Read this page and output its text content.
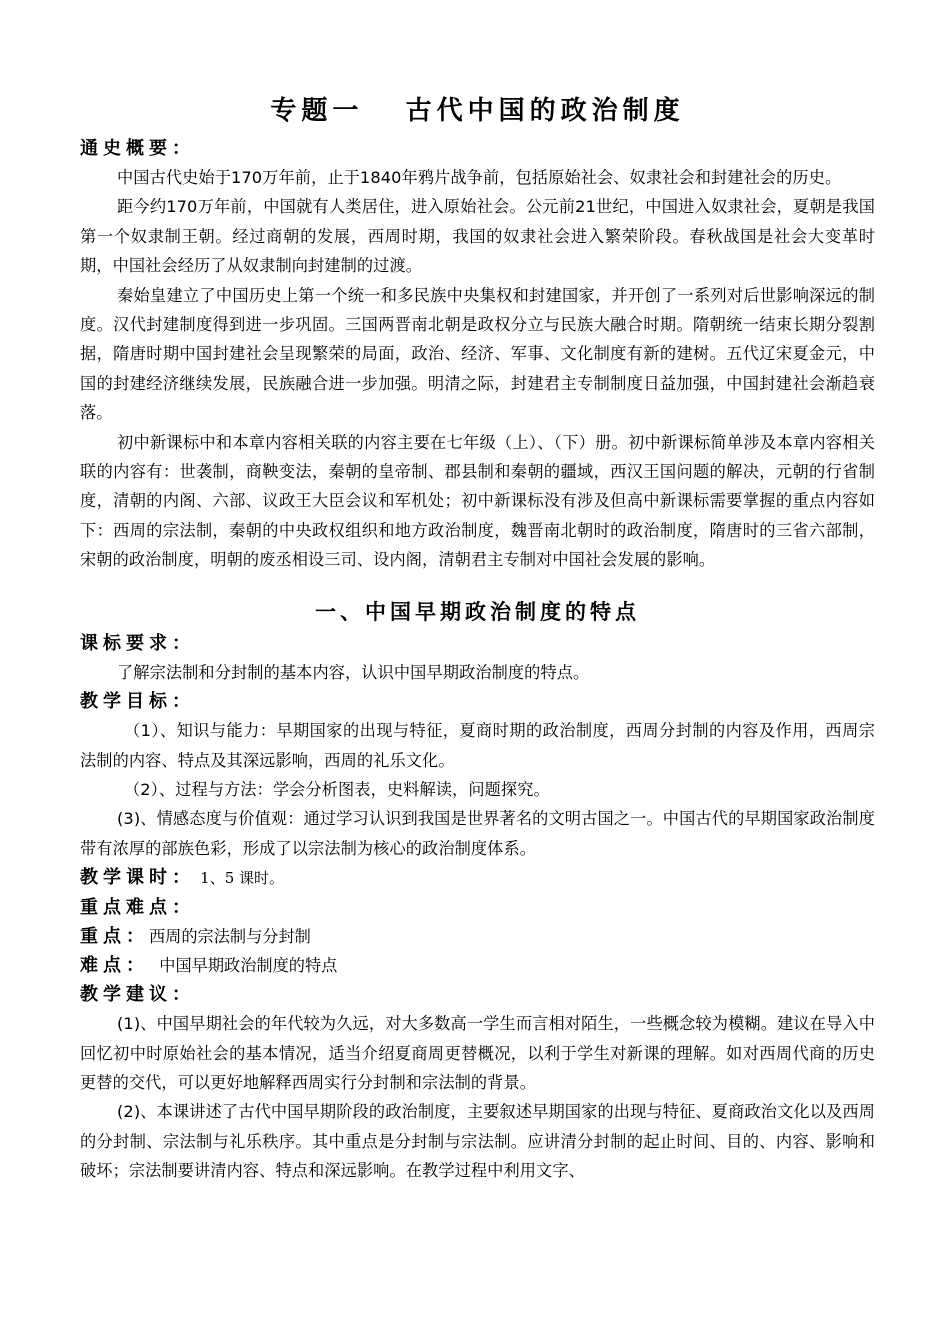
专题一   古代中国的政治制度
通史概要：

中国古代史始于170万年前，止于1840年鸦片战争前，包括原始社会、奴隶社会和封建社会的历史。

距今约170万年前，中国就有人类居住，进入原始社会。公元前21世纪，中国进入奴隶社会，夏朝是我国第一个奴隶制王朝。经过商朝的发展，西周时期，我国的奴隶社会进入繁荣阶段。春秋战国是社会大变革时期，中国社会经历了从奴隶制向封建制的过渡。

秦始皇建立了中国历史上第一个统一和多民族中央集权和封建国家，并开创了一系列对后世影响深远的制度。汉代封建制度得到进一步巩固。三国两晋南北朝是政权分立与民族大融合时期。隋朝统一结束长期分裂割据，隋唐时期中国封建社会呈现繁荣的局面，政治、经济、军事、文化制度有新的建树。五代辽宋夏金元，中国的封建经济继续发展，民族融合进一步加强。明清之际，封建君主专制制度日益加强，中国封建社会渐趋衰落。

初中新课标中和本章内容相关联的内容主要在七年级（上）、（下）册。初中新课标简单涉及本章内容相关联的内容有：世袭制，商鞅变法，秦朝的皇帝制、郡县制和秦朝的疆域，西汉王国问题的解决，元朝的行省制度，清朝的内阁、六部、议政王大臣会议和军机处；初中新课标没有涉及但高中新课标需要掌握的重点内容如下：西周的宗法制，秦朝的中央政权组织和地方政治制度，魏晋南北朝时的政治制度，隋唐时的三省六部制，宋朝的政治制度，明朝的废丞相设三司、设内阁，清朝君主专制对中国社会发展的影响。

一、中国早期政治制度的特点
课标要求：

了解宗法制和分封制的基本内容，认识中国早期政治制度的特点。

教学目标：

（1）、知识与能力：早期国家的出现与特征，夏商时期的政治制度，西周分封制的内容及作用，西周宗法制的内容、特点及其深远影响，西周的礼乐文化。

（2）、过程与方法：学会分析图表，史料解读，问题探究。

(3)、情感态度与价值观：通过学习认识到我国是世界著名的文明古国之一。中国古代的早期国家政治制度带有浓厚的部族色彩，形成了以宗法制为核心的政治制度体系。

教学课时： 1、5 课时。

重点难点：

重点：西周的宗法制与分封制

难点：  中国早期政治制度的特点

教学建议：

(1)、中国早期社会的年代较为久远，对大多数高一学生而言相对陌生，一些概念较为模糊。建议在导入中回忆初中时原始社会的基本情况，适当介绍夏商周更替概况，以利于学生对新课的理解。如对西周代商的历史更替的交代，可以更好地解释西周实行分封制和宗法制的背景。

(2)、本课讲述了古代中国早期阶段的政治制度，主要叙述早期国家的出现与特征、夏商政治文化以及西周的分封制、宗法制与礼乐秩序。其中重点是分封制与宗法制。应讲清分封制的起止时间、目的、内容、影响和破坏；宗法制要讲清内容、特点和深远影响。在教学过程中利用文字、
